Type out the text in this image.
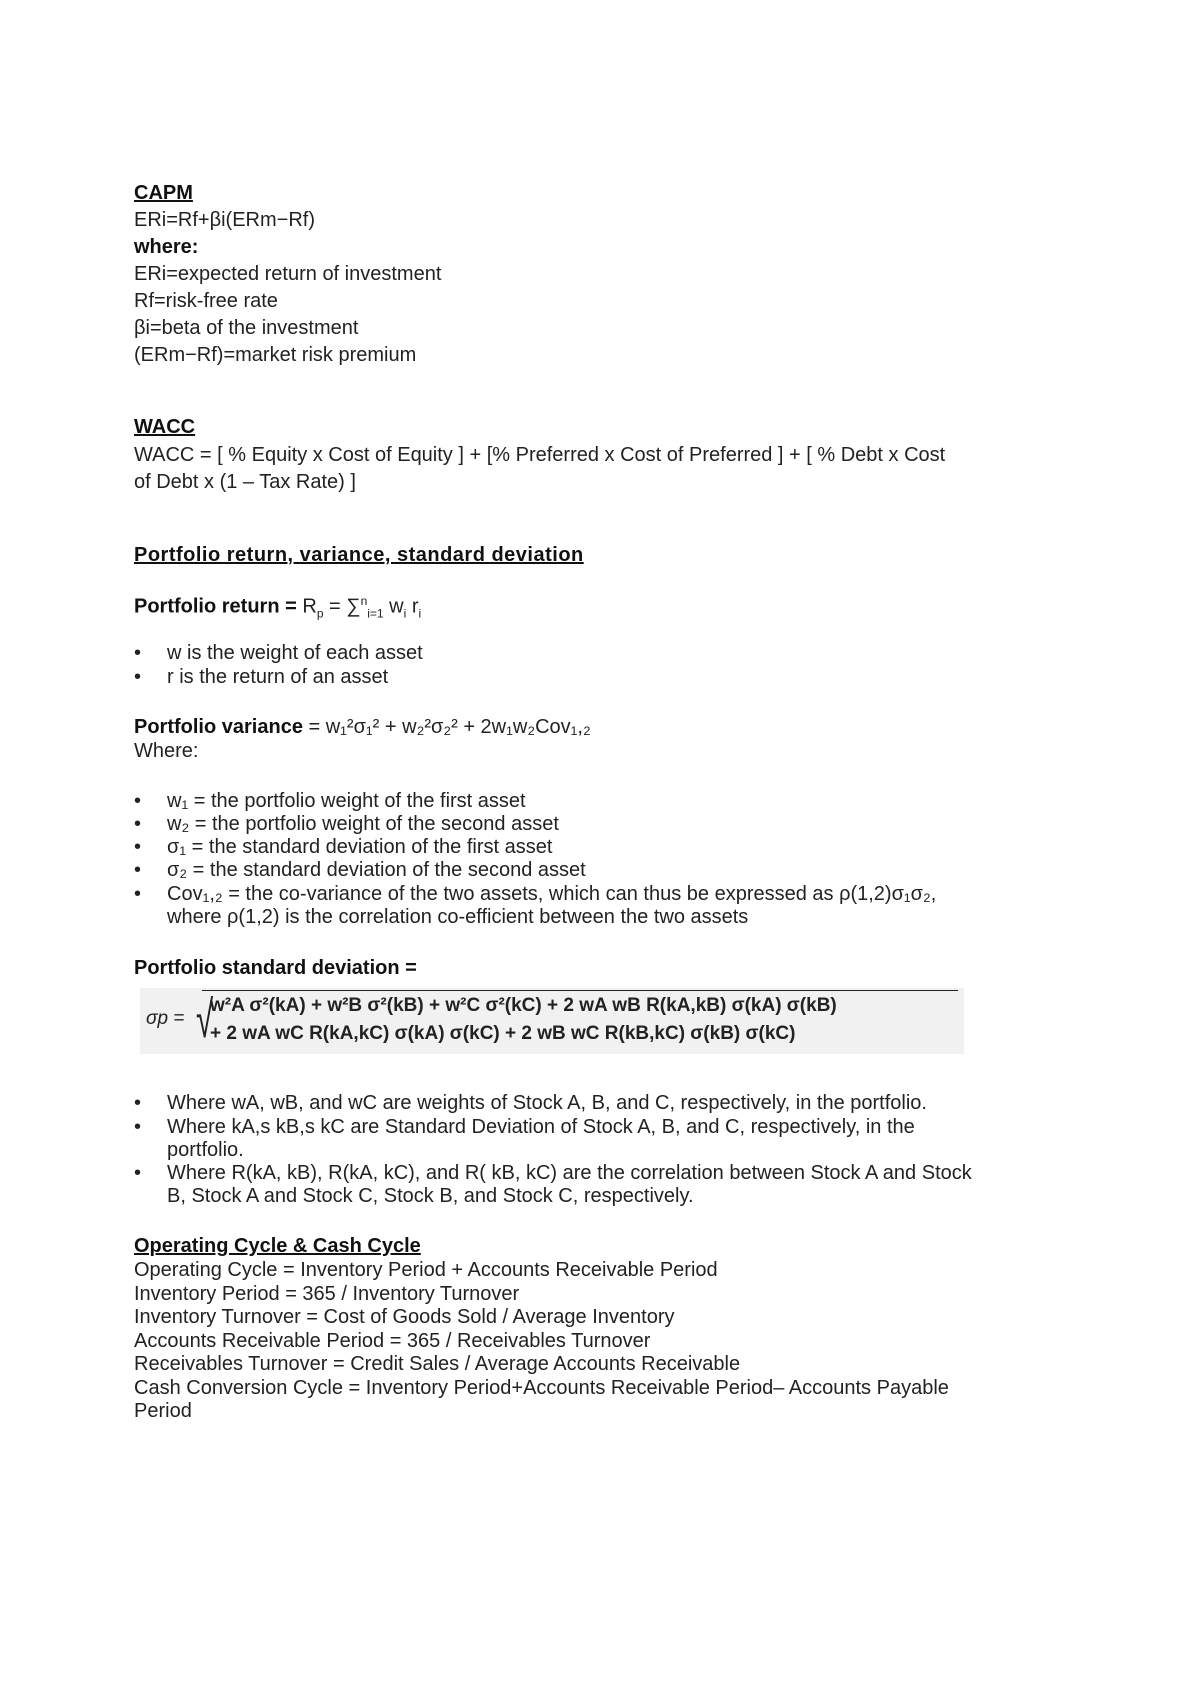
CAPM
ERi=Rf+βi(ERm−Rf)
where:
ERi=expected return of investment
Rf=risk-free rate
βi=beta of the investment
(ERm−Rf)=market risk premium
WACC
WACC = [ % Equity x Cost of Equity ] + [% Preferred x Cost of Preferred ] + [ % Debt x Cost
of Debt x (1 – Tax Rate) ]
Portfolio return, variance, standard deviation
Portfolio return = $R_p = \sum^n_{i=1}$ $w_i$ $r_i$
• w is the weight of each asset
• r is the return of an asset
Portfolio variance = w₁²σ₁² + w₂²σ₂² + 2w₁w₂Cov₁,₂
Where:
• w₁ = the portfolio weight of the first asset
• w₂ = the portfolio weight of the second asset
• σ₁ = the standard deviation of the first asset
• σ₂ = the standard deviation of the second asset
• Cov₁,₂ = the co-variance of the two assets, which can thus be expressed as ρ(1,2)σ₁σ₂,
where ρ(1,2) is the correlation co-efficient between the two assets
Portfolio standard deviation =
σp = √
w²A σ²(kA) + w²B σ²(kB) + w²C σ²(kC) + 2 wA wB R(kA,kB) σ(kA) σ(kB)
+ 2 wA wC R(kA,kC) σ(kA) σ(kC) + 2 wB wC R(kB,kC) σ(kB) σ(kC)
• Where wA, wB, and wC are weights of Stock A, B, and C, respectively, in the portfolio.
• Where kA,s kB,s kC are Standard Deviation of Stock A, B, and C, respectively, in the
portfolio.
• Where R(kA, kB), R(kA, kC), and R( kB, kC) are the correlation between Stock A and Stock
B, Stock A and Stock C, Stock B, and Stock C, respectively.
Operating Cycle & Cash Cycle
Operating Cycle = Inventory Period + Accounts Receivable Period
Inventory Period = 365 / Inventory Turnover
Inventory Turnover = Cost of Goods Sold / Average Inventory
Accounts Receivable Period = 365 / Receivables Turnover
Receivables Turnover = Credit Sales / Average Accounts Receivable
Cash Conversion Cycle = Inventory Period+Accounts Receivable Period– Accounts Payable
Period
